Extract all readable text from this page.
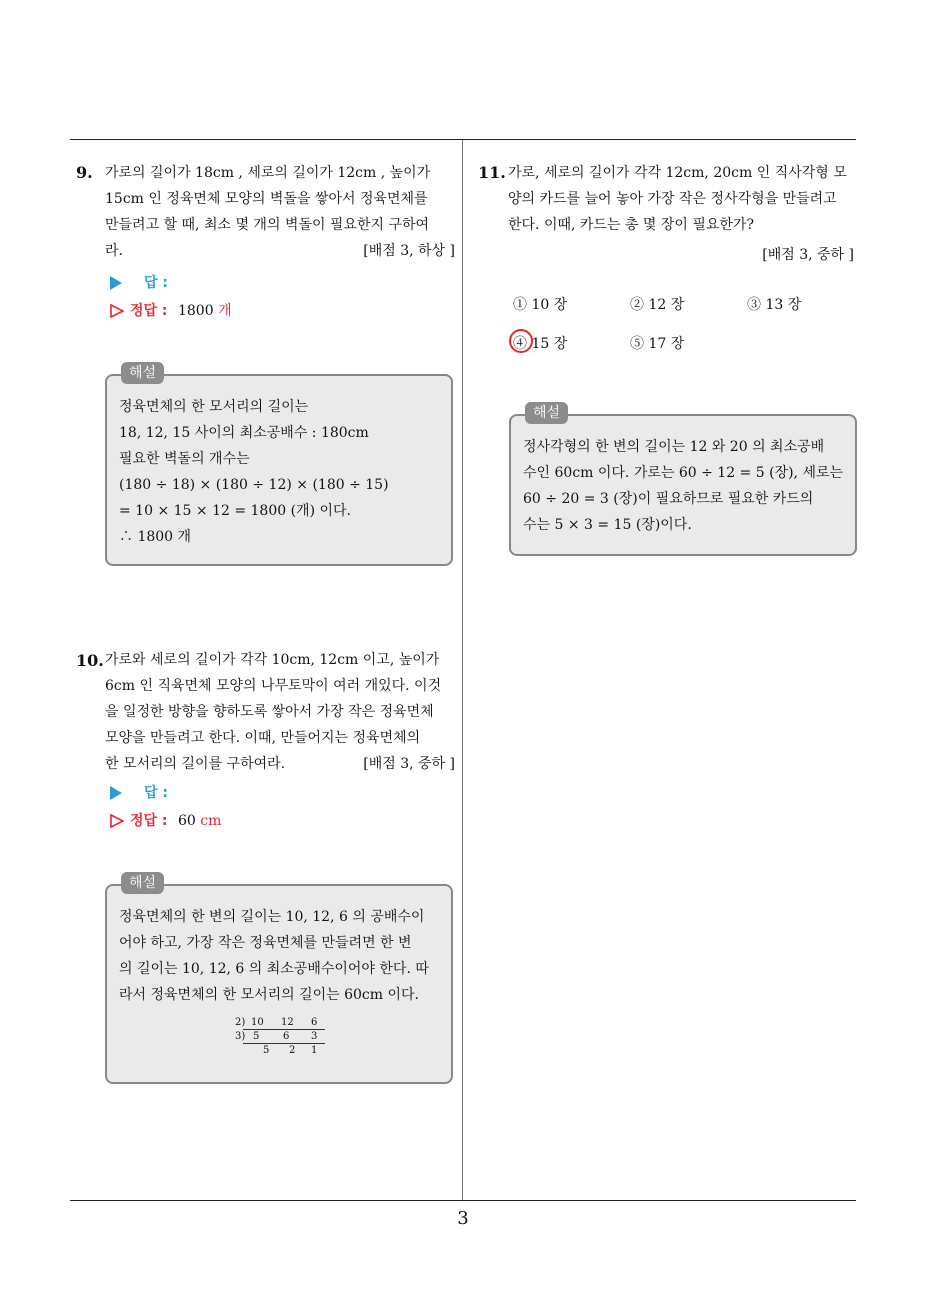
3
9. 가로의 길이가 18cm , 세로의 길이가 12cm , 높이가
15cm 인 정육면체 모양의 벽돌을 쌓아서 정육면체를
만들려고 할 때, 최소 몇 개의 벽돌이 필요한지 구하여
라.	[배점 3, 하상 ]
답 :
정답 : 1800 개
해설
정육면체의 한 모서리의 길이는
18, 12, 15 사이의 최소공배수 : 180cm
필요한 벽돌의 개수는
(180 ÷ 18) × (180 ÷ 12) × (180 ÷ 15)
= 10 × 15 × 12 = 1800 (개) 이다.
∴ 1800 개
10. 가로와 세로의 길이가 각각 10cm, 12cm 이고, 높이가
6cm 인 직육면체 모양의 나무토막이 여러 개있다. 이것
을 일정한 방향을 향하도록 쌓아서 가장 작은 정육면체
모양을 만들려고 한다. 이때, 만들어지는 정육면체의
한 모서리의 길이를 구하여라.	[배점 3, 중하 ]
답 :
정답 : 60 cm
해설
정육면체의 한 변의 길이는 10, 12, 6 의 공배수이
어야 하고, 가장 작은 정육면체를 만들려면 한 변
의 길이는 10, 12, 6 의 최소공배수이어야 한다. 따
라서 정육면체의 한 모서리의 길이는 60cm 이다.
2) 10 12 6
3) 5 6 3
5 2 1
11. 가로, 세로의 길이가 각각 12cm, 20cm 인 직사각형 모
양의 카드를 늘어 놓아 가장 작은 정사각형을 만들려고
한다. 이때, 카드는 총 몇 장이 필요한가?
[배점 3, 중하 ]
① 10 장	② 12 장	③ 13 장
④ 15 장	⑤ 17 장
해설
정사각형의 한 변의 길이는 12 와 20 의 최소공배
수인 60cm 이다. 가로는 60 ÷ 12 = 5 (장), 세로는
60 ÷ 20 = 3 (장)이 필요하므로 필요한 카드의
수는 5 × 3 = 15 (장)이다.
